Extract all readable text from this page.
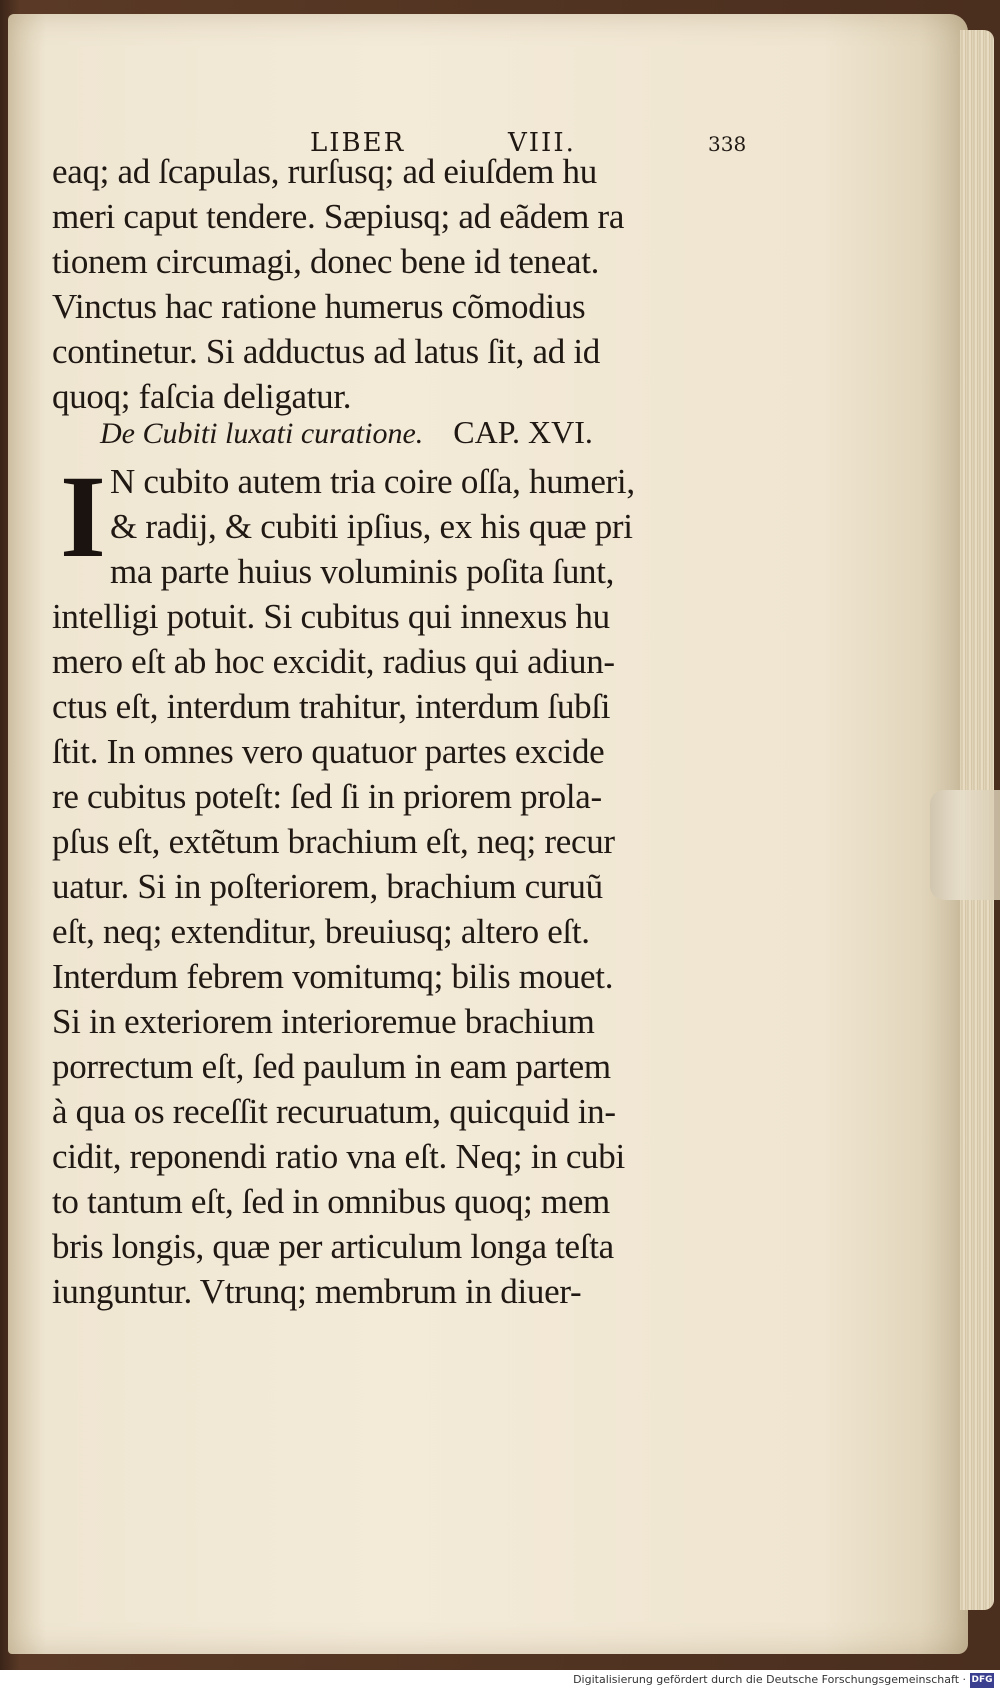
LIBER	VIII.	338
eaq; ad ſcapulas, rurſusq; ad eiuſdem hu
meri caput tendere. Sæpiusq; ad eãdem ra
tionem circumagi, donec bene id teneat.
Vinctus hac ratione humerus cõmodius
continetur. Si adductus ad latus ſit, ad id
quoq; faſcia deligatur.
De Cubiti luxati curatione. CAP. XVI.
I N cubito autem tria coire oſſa, humeri,
& radij, & cubiti ipſius, ex his quæ pri
ma parte huius voluminis poſita ſunt,
intelligi potuit. Si cubitus qui innexus hu
mero eſt ab hoc excidit, radius qui adiun-
ctus eſt, interdum trahitur, interdum ſubſi
ſtit. In omnes vero quatuor partes excide
re cubitus poteſt: ſed ſi in priorem prola-
pſus eſt, extẽtum brachium eſt, neq; recur
uatur. Si in poſteriorem, brachium curuũ
eſt, neq; extenditur, breuiusq; altero eſt.
Interdum febrem vomitumq; bilis mouet.
Si in exteriorem interioremue brachium
porrectum eſt, ſed paulum in eam partem
à qua os receſſit recuruatum, quicquid in-
cidit, reponendi ratio vna eſt. Neq; in cubi
to tantum eſt, ſed in omnibus quoq; mem
bris longis, quæ per articulum longa teſta
iunguntur. Vtrunq; membrum in diuer-
Digitalisierung gefördert durch die Deutsche Forschungsgemeinschaft · DFG
